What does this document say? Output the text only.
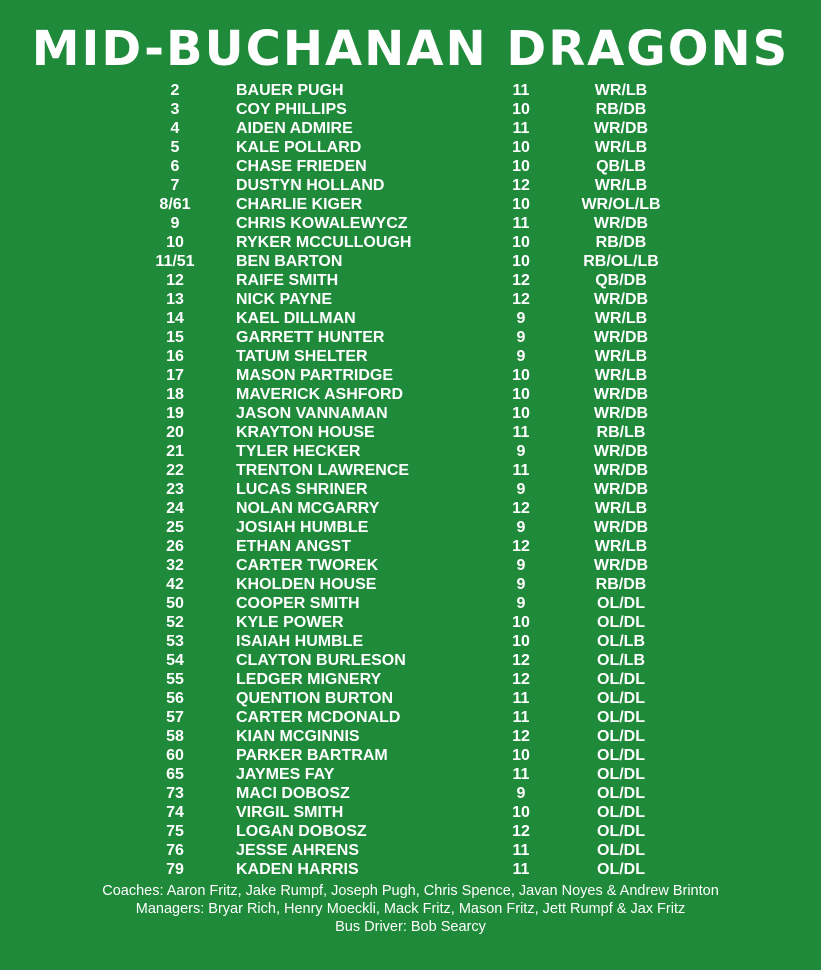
MID-BUCHANAN DRAGONS
2	BAUER PUGH	11	WR/LB
3	COY PHILLIPS	10	RB/DB
4	AIDEN ADMIRE	11	WR/DB
5	KALE POLLARD	10	WR/LB
6	CHASE FRIEDEN	10	QB/LB
7	DUSTYN HOLLAND	12	WR/LB
8/61	CHARLIE KIGER	10	WR/OL/LB
9	CHRIS KOWALEWYCZ	11	WR/DB
10	RYKER MCCULLOUGH	10	RB/DB
11/51	BEN BARTON	10	RB/OL/LB
12	RAIFE SMITH	12	QB/DB
13	NICK PAYNE	12	WR/DB
14	KAEL DILLMAN	9	WR/LB
15	GARRETT HUNTER	9	WR/DB
16	TATUM SHELTER	9	WR/LB
17	MASON PARTRIDGE	10	WR/LB
18	MAVERICK ASHFORD	10	WR/DB
19	JASON VANNAMAN	10	WR/DB
20	KRAYTON HOUSE	11	RB/LB
21	TYLER HECKER	9	WR/DB
22	TRENTON LAWRENCE	11	WR/DB
23	LUCAS SHRINER	9	WR/DB
24	NOLAN MCGARRY	12	WR/LB
25	JOSIAH HUMBLE	9	WR/DB
26	ETHAN ANGST	12	WR/LB
32	CARTER TWOREK	9	WR/DB
42	KHOLDEN HOUSE	9	RB/DB
50	COOPER SMITH	9	OL/DL
52	KYLE POWER	10	OL/DL
53	ISAIAH HUMBLE	10	OL/LB
54	CLAYTON BURLESON	12	OL/LB
55	LEDGER MIGNERY	12	OL/DL
56	QUENTION BURTON	11	OL/DL
57	CARTER MCDONALD	11	OL/DL
58	KIAN MCGINNIS	12	OL/DL
60	PARKER BARTRAM	10	OL/DL
65	JAYMES FAY	11	OL/DL
73	MACI DOBOSZ	9	OL/DL
74	VIRGIL SMITH	10	OL/DL
75	LOGAN DOBOSZ	12	OL/DL
76	JESSE AHRENS	11	OL/DL
79	KADEN HARRIS	11	OL/DL
Coaches: Aaron Fritz, Jake Rumpf, Joseph Pugh, Chris Spence, Javan Noyes & Andrew Brinton
Managers: Bryar Rich, Henry Moeckli, Mack Fritz, Mason Fritz, Jett Rumpf & Jax Fritz
Bus Driver: Bob Searcy
